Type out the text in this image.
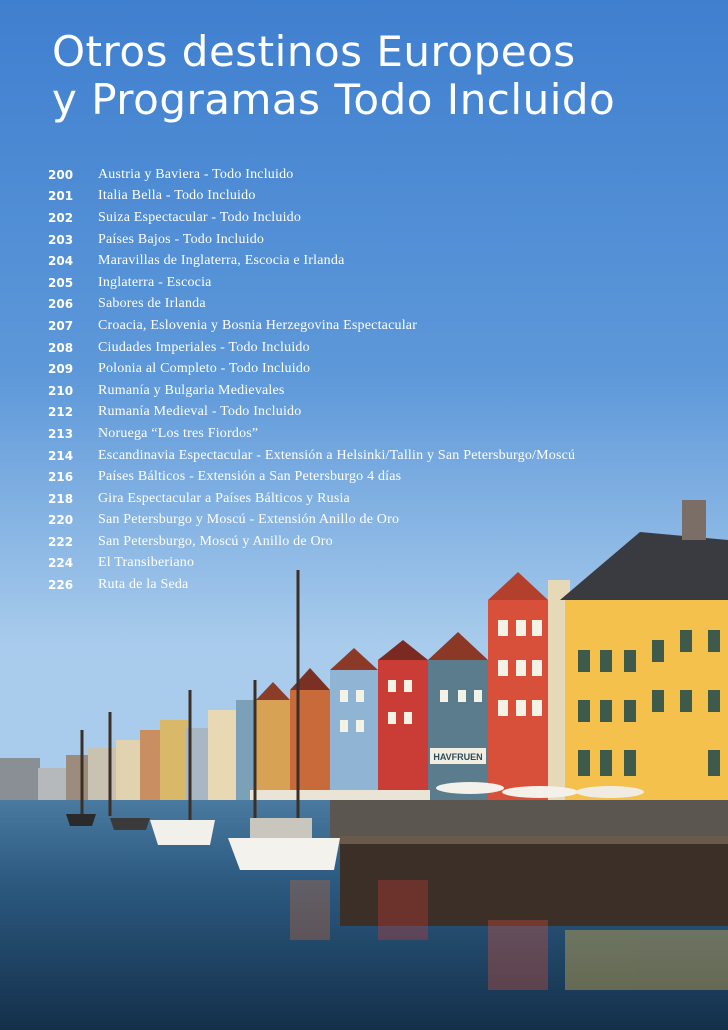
HAVFRUEN
Otros destinos Europeos
y Programas Todo Incluido
200	Austria y Baviera - Todo Incluido
201	Italia Bella - Todo Incluido
202	Suiza Espectacular - Todo Incluido
203	Países Bajos - Todo Incluido
204	Maravillas de Inglaterra, Escocia e Irlanda
205	Inglaterra - Escocia
206	Sabores de Irlanda
207	Croacia, Eslovenia y Bosnia Herzegovina Espectacular
208	Ciudades Imperiales - Todo Incluido
209	Polonia al Completo - Todo Incluido
210	Rumanía y Bulgaria Medievales
212	Rumanía Medieval - Todo Incluido
213	Noruega “Los tres Fiordos”
214	Escandinavia Espectacular - Extensión a Helsinki/Tallin y San Petersburgo/Moscú
216	Países Bálticos - Extensión a San Petersburgo 4 días
218	Gira Espectacular a Países Bálticos y Rusia
220	San Petersburgo y Moscú - Extensión Anillo de Oro
222	San Petersburgo, Moscú y Anillo de Oro
224	El Transiberiano
226	Ruta de la Seda
